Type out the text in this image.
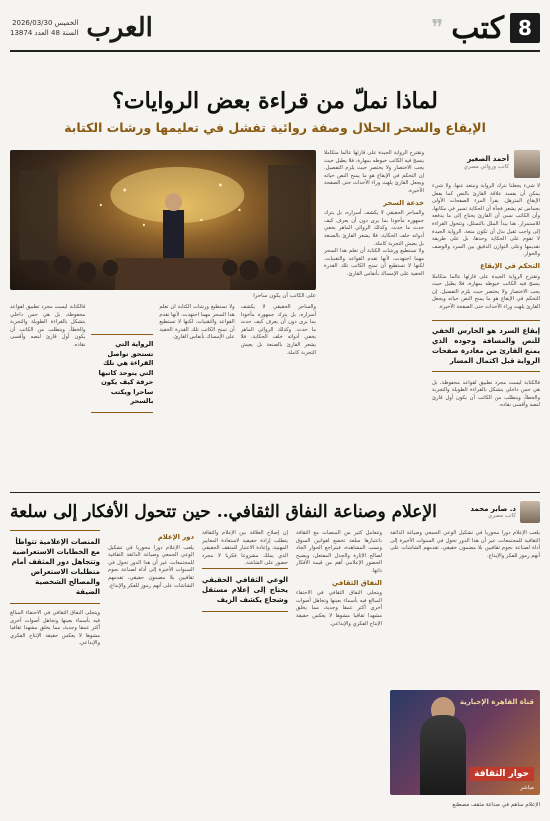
8
كتب
❞
الخميس 2026/03/30
السنة 48 العدد 13874 العرب
لماذا نملّ من قراءة بعض الروايات؟
الإيقاع والسحر الحلال وصفة روائية تفشل في تعليمها ورشات الكتابة
أحمد الصغير
كاتب وروائي مصري

لا شيء يجعلنا نترك الرواية ونبتعد عنها، ولا شيء يمكن أن يفسد علاقة القارئ بالنص كما يفعل الإيقاع المترهل. يقرأ المرء الصفحات الأولى بحماس ثم يشعر فجأة أن الحكاية تسير في مكانها، وأن الكاتب نسي أن القارئ يحتاج إلى ما يدفعه للاستمرار. هنا يبدأ الملل بالتسلل، وتتحول القراءة إلى واجب ثقيل بدل أن تكون متعة. الرواية الجيدة لا تقوم على الحكاية وحدها، بل على طريقة تقديمها وعلى التوازن الدقيق بين السرد والوصف والحوار.

التحكم في الإيقاع

وتقترح الرواية الجيدة على قارئها عالما متكاملا ينسج فيه الكاتب خيوطه بمهارة، فلا يطيل حيث يجب الاختصار ولا يختصر حيث يلزم التفصيل. إن التحكم في الإيقاع هو ما يمنح النص حياته ويجعل القارئ يلهث وراء الأحداث حتى الصفحة الأخيرة.

إيقاع السرد هو الحارس الخفي للنص والمسافة وجوده الذي يمنع القارئ من مغادرة صفحات الرواية قبل اكتمال المسار

فالكتابة ليست مجرد تطبيق لقواعد محفوظة، بل هي حس داخلي يتشكل بالقراءة الطويلة والتجربة والخطأ، ويتطلب من الكاتب أن يكون أول قارئ لنصه وأقسى نقاده.

وتقترح الرواية الجيدة على قارئها عالما متكاملا ينسج فيه الكاتب خيوطه بمهارة، فلا يطيل حيث يجب الاختصار ولا يختصر حيث يلزم التفصيل. إن التحكم في الإيقاع هو ما يمنح النص حياته ويجعل القارئ يلهث وراء الأحداث حتى الصفحة الأخيرة.

خدعة السحر

والساحر الحقيقي لا يكشف أسراره، بل يترك جمهوره مأخوذا بما يرى دون أن يعرف كيف حدث ما حدث. وكذلك الروائي الماهر يخفي أدواته خلف الحكاية، فلا يشعر القارئ بالصنعة بل يعيش التجربة كاملة.

ولا تستطيع ورشات الكتابة أن تعلم هذا السحر مهما اجتهدت، لأنها تقدم القواعد والتقنيات، لكنها لا تستطيع أن تمنح الكاتب تلك القدرة الخفية على الإمساك بأنفاس القارئ.

على الكاتب أن يكون ساحرا

والساحر الحقيقي لا يكشف أسراره، بل يترك جمهوره مأخوذا بما يرى دون أن يعرف كيف حدث ما حدث. وكذلك الروائي الماهر يخفي أدواته خلف الحكاية، فلا يشعر القارئ بالصنعة بل يعيش التجربة كاملة.

ولا تستطيع ورشات الكتابة أن تعلم هذا السحر مهما اجتهدت، لأنها تقدم القواعد والتقنيات، لكنها لا تستطيع أن تمنح الكاتب تلك القدرة الخفية على الإمساك بأنفاس القارئ.

الرواية التي تستحق تواصل القراءة هي تلك التي يتوحد كاتبها حرفة كيف يكون ساحرا ويكتب بالسحر

فالكتابة ليست مجرد تطبيق لقواعد محفوظة، بل هي حس داخلي يتشكل بالقراءة الطويلة والتجربة والخطأ، ويتطلب من الكاتب أن يكون أول قارئ لنصه وأقسى نقاده.

د. صابر محمد
كاتب مصري
الإعلام وصناعة النفاق الثقافي.. حين تتحول الأفكار إلى سلعة

يلعب الإعلام دورا محوريا في تشكيل الوعي الجمعي وصياغة الذائقة الثقافية للمجتمعات، غير أن هذا الدور تحول في السنوات الأخيرة إلى أداة لصناعة نجوم ثقافيين بلا مضمون حقيقي، تقدمهم الشاشات على أنهم رموز للفكر والإبداع.

قناة القاهرة الإخبارية
حوار الثقافة
مباشر
الإعلام ساهم في صناعة مثقف مصطنع

وتتعامل كثير من المنصات مع الثقافة باعتبارها سلعة تخضع لقوانين السوق ونسب المشاهدة، فيتراجع الحوار الجاد لصالح الإثارة والجدل المفتعل، ويصبح الحضور الإعلامي أهم من قيمة الأفكار ذاتها.

النفاق الثقافي

ويتجلى النفاق الثقافي في الاحتفاء المبالغ فيه بأسماء بعينها وتجاهل أصوات أخرى أكثر عمقا وجدية، مما يخلق مشهدا ثقافيا مشوها لا يعكس حقيقة الإنتاج الفكري والإبداعي.

إن إصلاح العلاقة بين الإعلام والثقافة يتطلب إرادة حقيقية لاستعادة المعايير المهنية، وإعادة الاعتبار للمثقف الحقيقي الذي يملك مشروعا فكريا لا مجرد حضور على الشاشة.

الوعي الثقافي الحقيقي يحتاج إلى إعلام مستقل وشجاع يكشف الزيف
دور الإعلام

يلعب الإعلام دورا محوريا في تشكيل الوعي الجمعي وصياغة الذائقة الثقافية للمجتمعات، غير أن هذا الدور تحول في السنوات الأخيرة إلى أداة لصناعة نجوم ثقافيين بلا مضمون حقيقي، تقدمهم الشاشات على أنهم رموز للفكر والإبداع.

المنصات الإعلامية تتواطأ مع الخطابات الاستعراضية وتتجاهل دور المثقف أمام متطلبات الاستعراض والمصالح الشخصية الضيقة

ويتجلى النفاق الثقافي في الاحتفاء المبالغ فيه بأسماء بعينها وتجاهل أصوات أخرى أكثر عمقا وجدية، مما يخلق مشهدا ثقافيا مشوها لا يعكس حقيقة الإنتاج الفكري والإبداعي.
